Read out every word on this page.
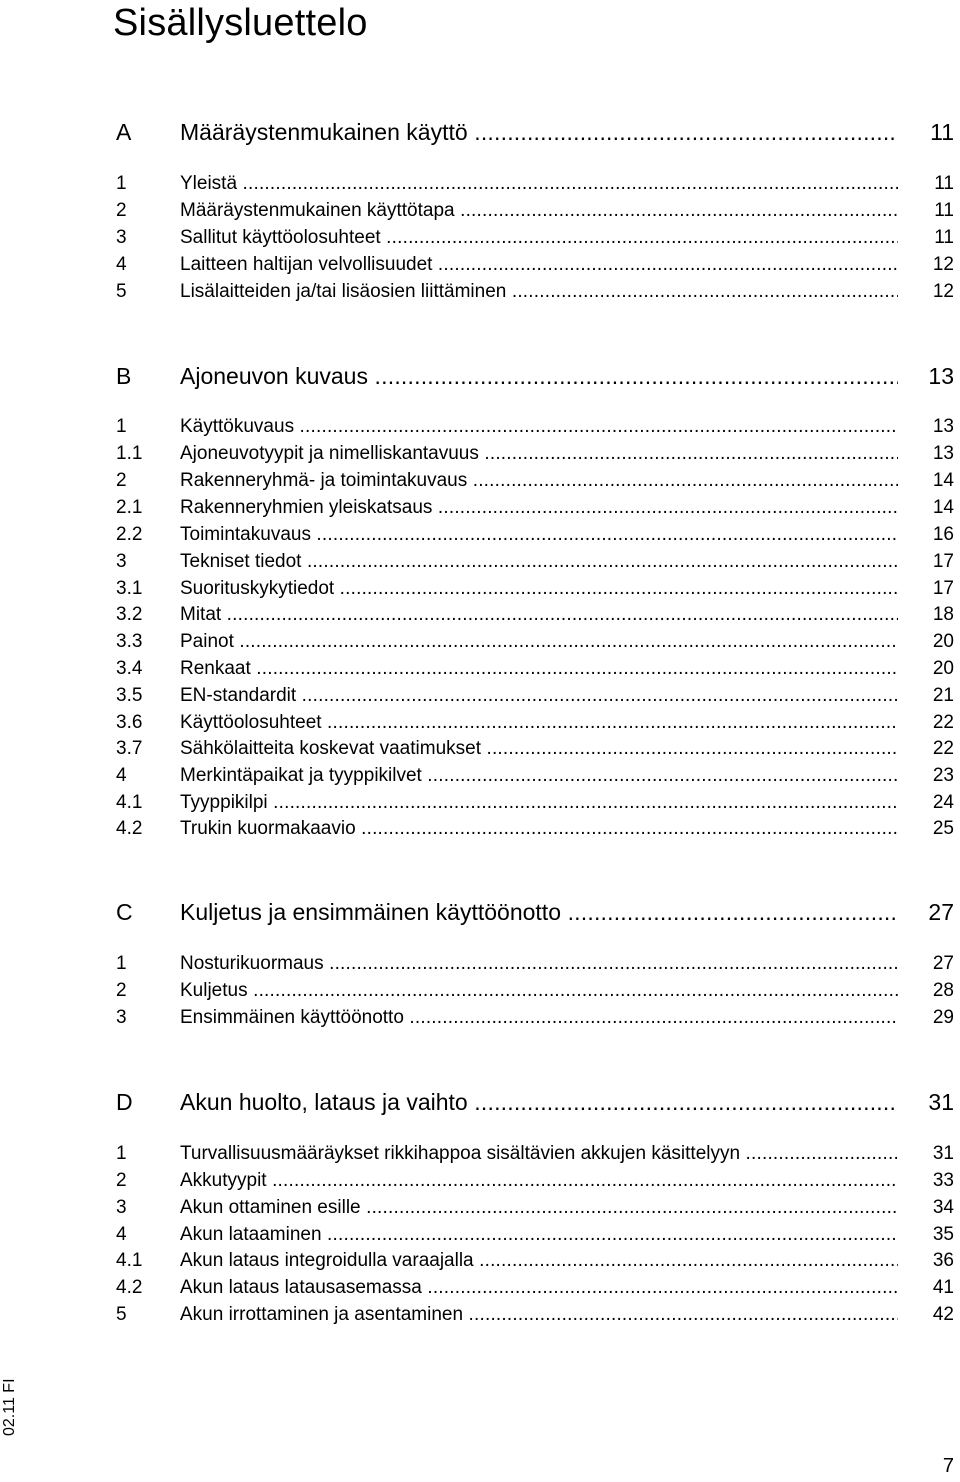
Sisällysluettelo
A Määräystenmukainen käyttö .....	11
1	Yleistä .....	11
2	Määräystenmukainen käyttötapa .....	11
3	Sallitut käyttöolosuhteet .....	11
4	Laitteen haltijan velvollisuudet .....	12
5	Lisälaitteiden ja/tai lisäosien liittäminen .....	12
B Ajoneuvon kuvaus .....	13
1	Käyttökuvaus .....	13
1.1 Ajoneuvotyypit ja nimelliskantavuus .....	13
2	Rakenneryhmä- ja toimintakuvaus .....	14
2.1 Rakenneryhmien yleiskatsaus .....	14
2.2 Toimintakuvaus .....	16
3	Tekniset tiedot .....	17
3.1 Suorituskykytiedot .....	17
3.2 Mitat .....	18
3.3 Painot .....	20
3.4 Renkaat .....	20
3.5 EN-standardit .....	21
3.6 Käyttöolosuhteet .....	22
3.7 Sähkölaitteita koskevat vaatimukset .....	22
4	Merkintäpaikat ja tyyppikilvet .....	23
4.1 Tyyppikilpi .....	24
4.2 Trukin kuormakaavio .....	25
C Kuljetus ja ensimmäinen käyttöönotto .....	27
1	Nosturikuormaus .....	27
2	Kuljetus .....	28
3	Ensimmäinen käyttöönotto .....	29
D Akun huolto, lataus ja vaihto .....	31
1	Turvallisuusmääräykset rikkihappoa sisältävien akkujen käsittelyyn .....	31
2	Akkutyypit .....	33
3	Akun ottaminen esille .....	34
4	Akun lataaminen .....	35
4.1 Akun lataus integroidulla varaajalla .....	36
4.2 Akun lataus latausasemassa .....	41
5	Akun irrottaminen ja asentaminen .....	42
02.11 FI
7
